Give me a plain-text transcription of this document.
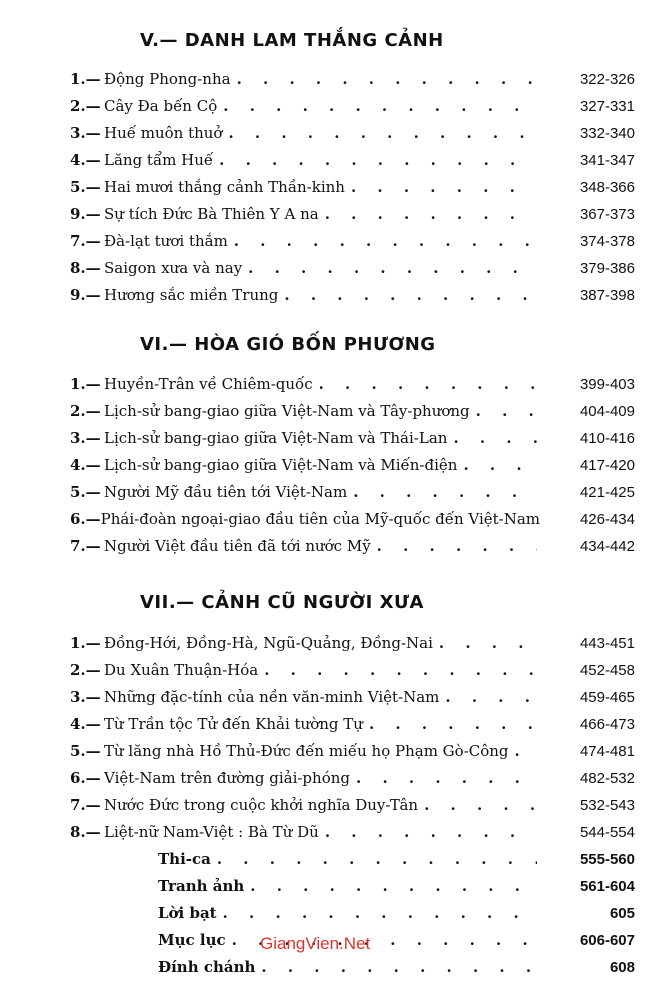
V.— DANH LAM THẮNG CẢNH
1.— Động Phong-nha . . .	322-326
2.— Cây Đa bến Cộ . . .	327-331
3.— Huế muôn thuở . . .	332-340
4.— Lăng tẩm Huế . . .	341-347
5.— Hai mươi thắng cảnh Thần-kinh . . .	348-366
9.— Sự tích Đức Bà Thiên Y A na . . .	367-373
7.— Đà-lạt tươi thắm . . .	374-378
8.— Saigon xưa và nay . . .	379-386
9.— Hương sắc miền Trung . . .	387-398
VI.— HÒA GIÓ BỐN PHƯƠNG
1.— Huyền-Trân về Chiêm-quốc . . .	399-403
2.— Lịch-sử bang-giao giữa Việt-Nam và Tây-phương . . .	404-409
3.— Lịch-sử bang-giao giữa Việt-Nam và Thái-Lan . . .	410-416
4.— Lịch-sử bang-giao giữa Việt-Nam và Miến-điện . . .	417-420
5.— Người Mỹ đầu tiên tới Việt-Nam . . .	421-425
6.— Phái-đoàn ngoại-giao đầu tiên của Mỹ-quốc đến Việt-Nam	426-434
7.— Người Việt đầu tiên đã tới nước Mỹ . . .	434-442
VII.— CẢNH CŨ NGƯỜI XƯA
1.— Đồng-Hới, Đồng-Hà, Ngũ-Quảng, Đồng-Nai . . .	443-451
2.— Du Xuân Thuận-Hóa . . .	452-458
3.— Những đặc-tính của nền văn-minh Việt-Nam . . .	459-465
4.— Từ Trần tộc Tử đến Khải tường Tự . . .	466-473
5.— Từ lăng nhà Hồ Thủ-Đức đến miếu họ Phạm Gò-Công . . .	474-481
6.— Việt-Nam trên đường giải-phóng . . .	482-532
7.— Nước Đức trong cuộc khởi nghĩa Duy-Tân . . .	532-543
8.— Liệt-nữ Nam-Việt : Bà Từ Dũ . . .	544-554
Thi-ca . . .	555-560
Tranh ảnh . . .	561-604
Lời bạt . . .	605
Mục lục . . .	606-607
Đính chánh . . .	608
GiangVien.Net
